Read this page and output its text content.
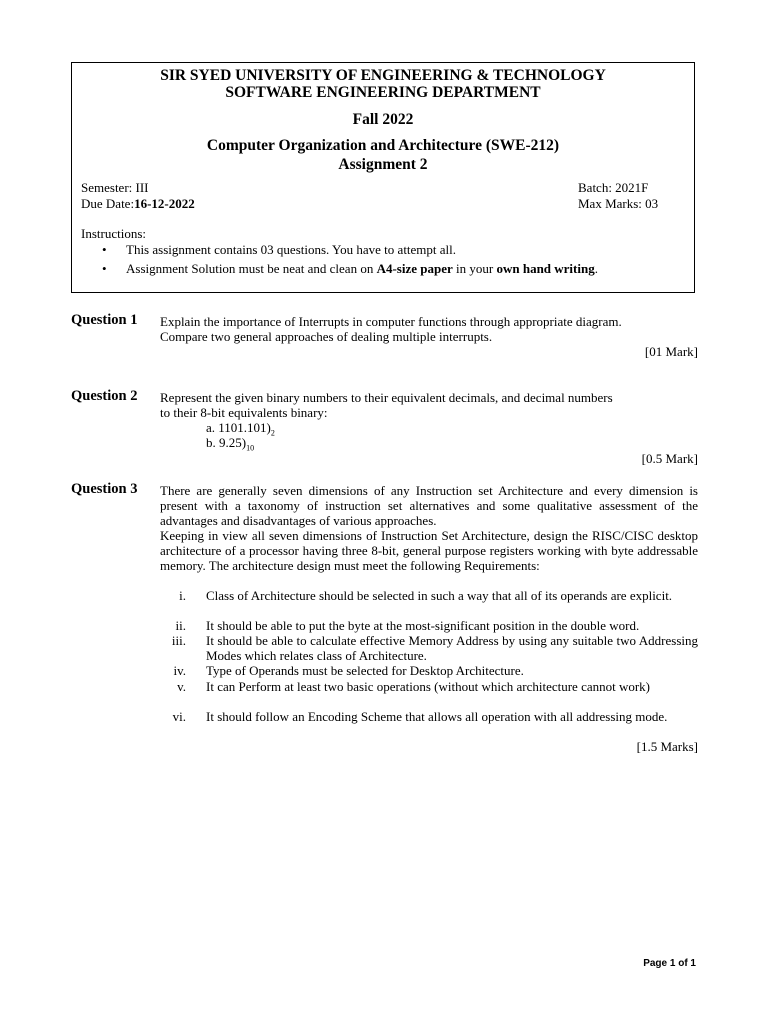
SIR SYED UNIVERSITY OF ENGINEERING & TECHNOLOGY
SOFTWARE ENGINEERING DEPARTMENT
Fall 2022
Computer Organization and Architecture (SWE-212)
Assignment 2
Semester: III
Due Date:16-12-2022
Batch: 2021F
Max Marks: 03
Instructions:
• This assignment contains 03 questions. You have to attempt all.
• Assignment Solution must be neat and clean on A4-size paper in your own hand writing.
Question 1 Explain the importance of Interrupts in computer functions through appropriate diagram.
Compare two general approaches of dealing multiple interrupts.
[01 Mark]
Question 2 Represent the given binary numbers to their equivalent decimals, and decimal numbers
to their 8-bit equivalents binary:
a. $1101.101)_2$
b. $9.25)_{10}$
[0.5 Mark]
Question 3 There are generally seven dimensions of any Instruction set Architecture and every dimension is present with a taxonomy of instruction set alternatives and some qualitative assessment of the advantages and disadvantages of various approaches.
Keeping in view all seven dimensions of Instruction Set Architecture, design the RISC/CISC desktop architecture of a processor having three 8-bit, general purpose registers working with byte addressable memory. The architecture design must meet the following Requirements:
i. Class of Architecture should be selected in such a way that all of its operands are explicit.
ii. It should be able to put the byte at the most-significant position in the double word.
iii. It should be able to calculate effective Memory Address by using any suitable two Addressing Modes which relates class of Architecture.
iv. Type of Operands must be selected for Desktop Architecture.
v. It can Perform at least two basic operations (without which architecture cannot work)
vi. It should follow an Encoding Scheme that allows all operation with all addressing mode.
[1.5 Marks]
Page 1 of 1
